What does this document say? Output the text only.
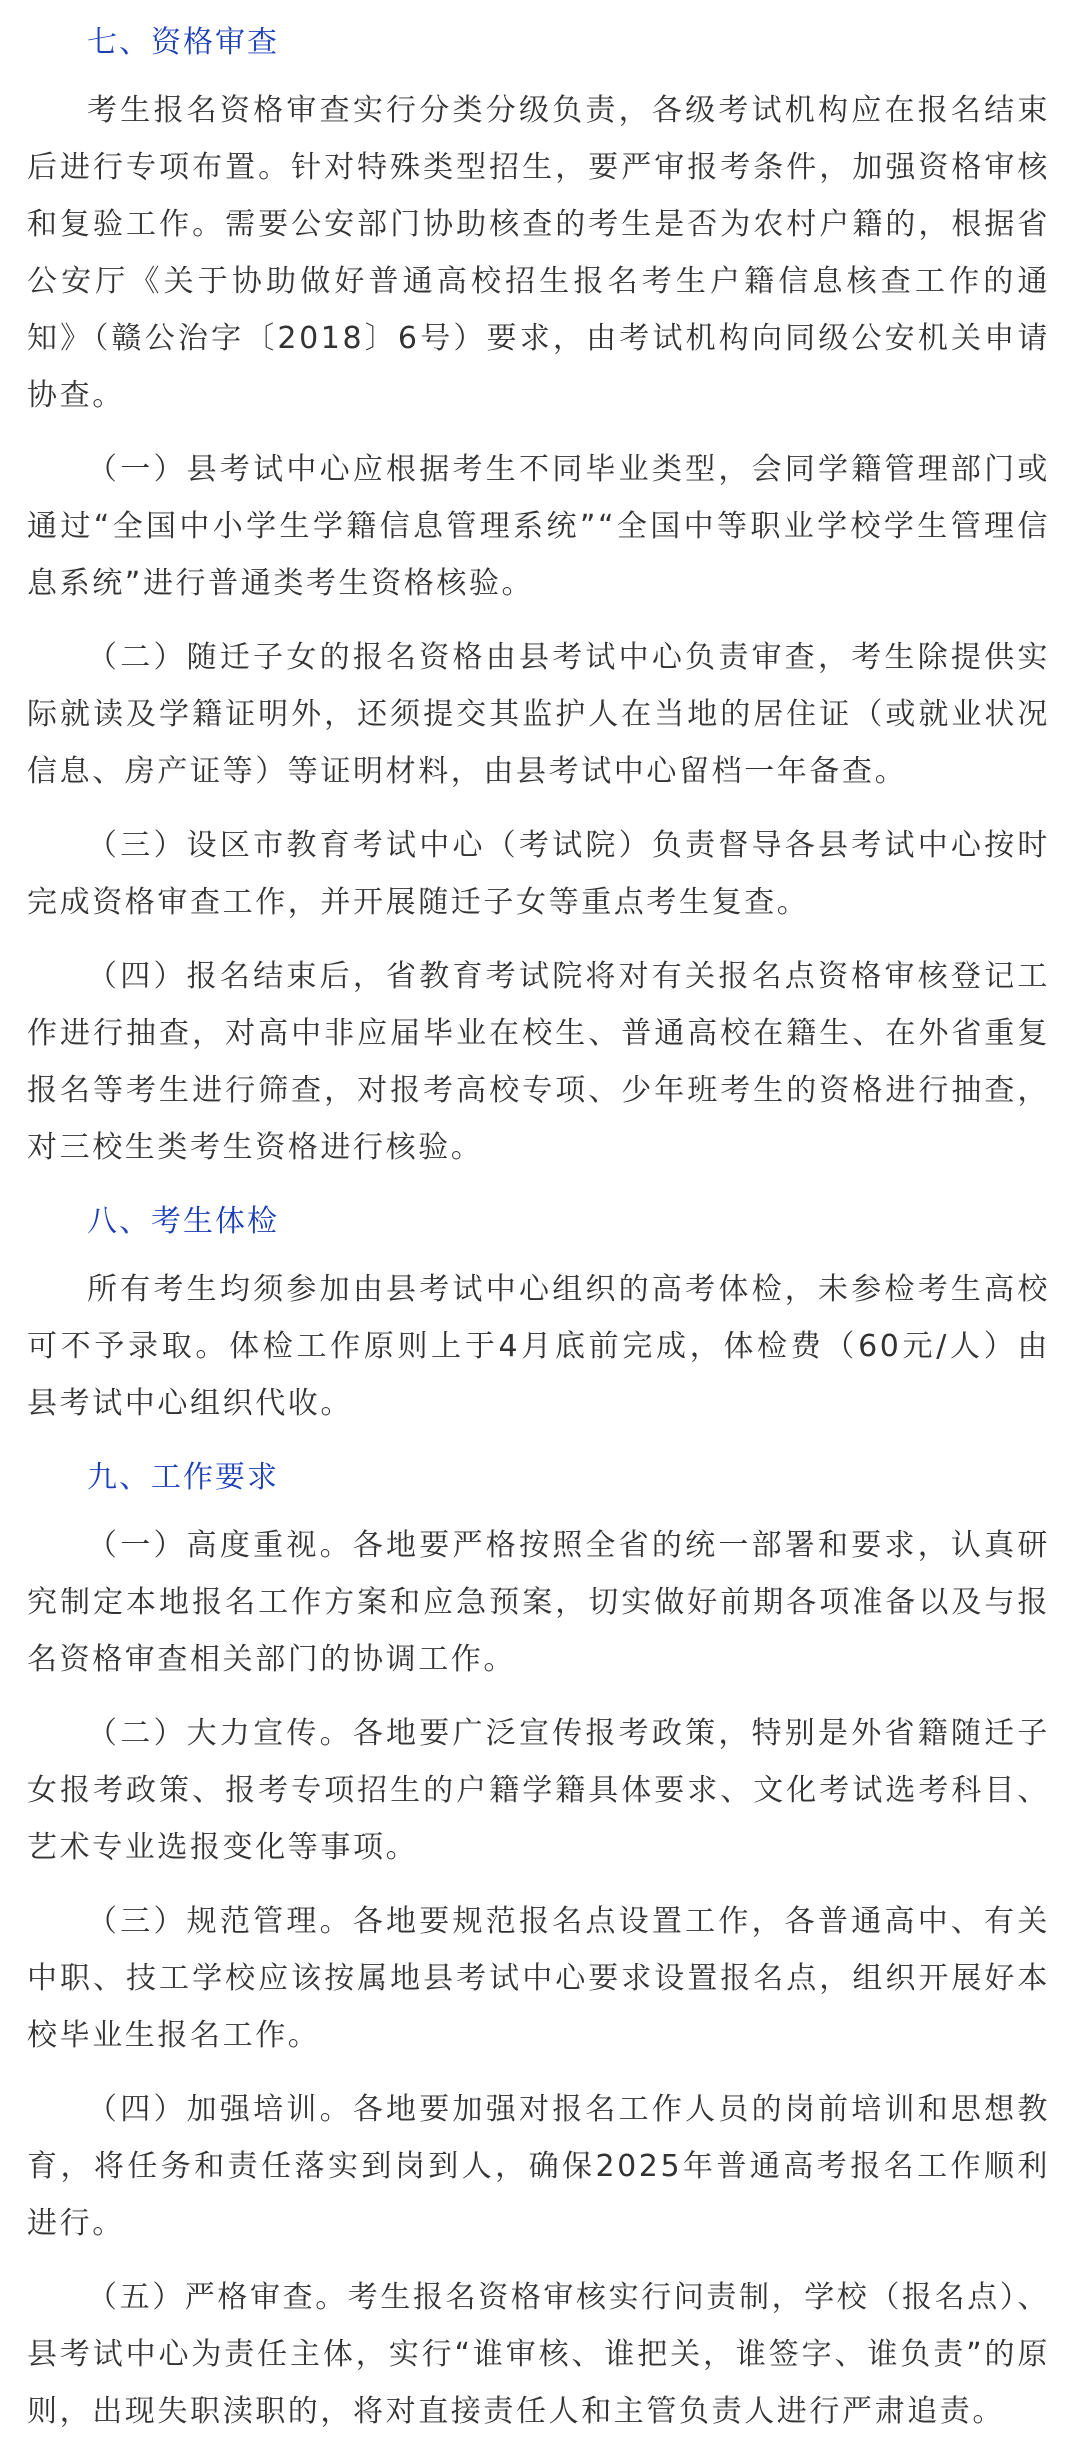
七、资格审查

考生报名资格审查实行分类分级负责，各级考试机构应在报名结束后进行专项布置。针对特殊类型招生，要严审报考条件，加强资格审核和复验工作。需要公安部门协助核查的考生是否为农村户籍的，根据省公安厅《关于协助做好普通高校招生报名考生户籍信息核查工作的通知》（赣公治字〔2018〕6号）要求，由考试机构向同级公安机关申请协查。

（一）县考试中心应根据考生不同毕业类型，会同学籍管理部门或通过“全国中小学生学籍信息管理系统”“全国中等职业学校学生管理信息系统”进行普通类考生资格核验。

（二）随迁子女的报名资格由县考试中心负责审查，考生除提供实际就读及学籍证明外，还须提交其监护人在当地的居住证（或就业状况信息、房产证等）等证明材料，由县考试中心留档一年备查。

（三）设区市教育考试中心（考试院）负责督导各县考试中心按时完成资格审查工作，并开展随迁子女等重点考生复查。

（四）报名结束后，省教育考试院将对有关报名点资格审核登记工作进行抽查，对高中非应届毕业在校生、普通高校在籍生、在外省重复报名等考生进行筛查，对报考高校专项、少年班考生的资格进行抽查，对三校生类考生资格进行核验。

八、考生体检

所有考生均须参加由县考试中心组织的高考体检，未参检考生高校可不予录取。体检工作原则上于4月底前完成，体检费（60元/人）由县考试中心组织代收。

九、工作要求

（一）高度重视。各地要严格按照全省的统一部署和要求，认真研究制定本地报名工作方案和应急预案，切实做好前期各项准备以及与报名资格审查相关部门的协调工作。

（二）大力宣传。各地要广泛宣传报考政策，特别是外省籍随迁子女报考政策、报考专项招生的户籍学籍具体要求、文化考试选考科目、艺术专业选报变化等事项。

（三）规范管理。各地要规范报名点设置工作，各普通高中、有关中职、技工学校应该按属地县考试中心要求设置报名点，组织开展好本校毕业生报名工作。

（四）加强培训。各地要加强对报名工作人员的岗前培训和思想教育，将任务和责任落实到岗到人，确保2025年普通高考报名工作顺利进行。

（五）严格审查。考生报名资格审核实行问责制，学校（报名点）、县考试中心为责任主体，实行“谁审核、谁把关，谁签字、谁负责”的原则，出现失职渎职的，将对直接责任人和主管负责人进行严肃追责。
